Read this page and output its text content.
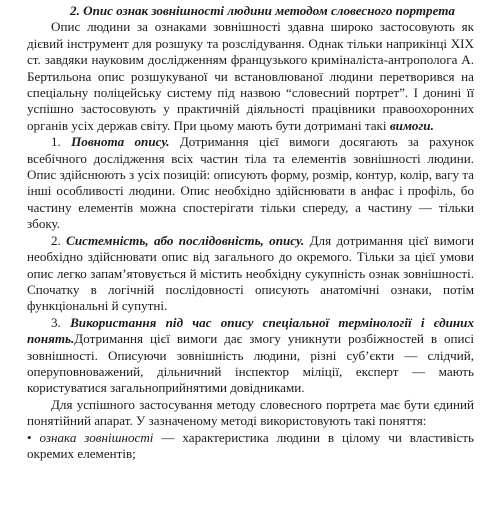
2. Опис ознак зовнішності людини методом словесного портрета

Опис людини за ознаками зовнішності здавна широко застосовують як дієвий інструмент для розшуку та розслідування. Однак тільки наприкінці XIX ст. завдяки науковим дослідженням французького криміналіста-антрополога А. Бертильона опис розшукуваної чи встановлюваної людини перетворився на спеціальну поліцейську систему під назвою “словесний портрет”. І донині її успішно застосовують у практичній діяльності працівники правоохоронних органів усіх держав світу. При цьому мають бути дотримані такі вимоги.

1. Повнота опису. Дотримання цієї вимоги досягають за рахунок всебічного дослідження всіх частин тіла та елементів зовнішності людини. Опис здійснюють з усіх позицій: описують форму, розмір, контур, колір, вагу та інші особливості людини. Опис необхідно здійснювати в анфас і профіль, бо частину елементів можна спостерігати тільки спереду, а частину — тільки збоку.

2. Системність, або послідовність, опису. Для дотримання цієї вимоги необхідно здійснювати опис від загального до окремого. Тільки за цієї умови опис легко запам’ятовується й містить необхідну сукупність ознак зовнішності. Спочатку в логічній послідовності описують анатомічні ознаки, потім функціональні й супутні.

3. Використання під час опису спеціальної термінології і єдиних понять.Дотримання цієї вимоги дає змогу уникнути розбіжностей в описі зовнішності. Описуючи зовнішність людини, різні суб’єкти — слідчий, оперуповноважений, дільничний інспектор міліції, експерт — мають користуватися загальноприйнятими довідниками.

Для успішного застосування методу словесного портрета має бути єдиний понятійний апарат. У зазначеному методі використовують такі поняття:

• ознака зовнішності — характеристика людини в цілому чи властивість окремих елементів;
